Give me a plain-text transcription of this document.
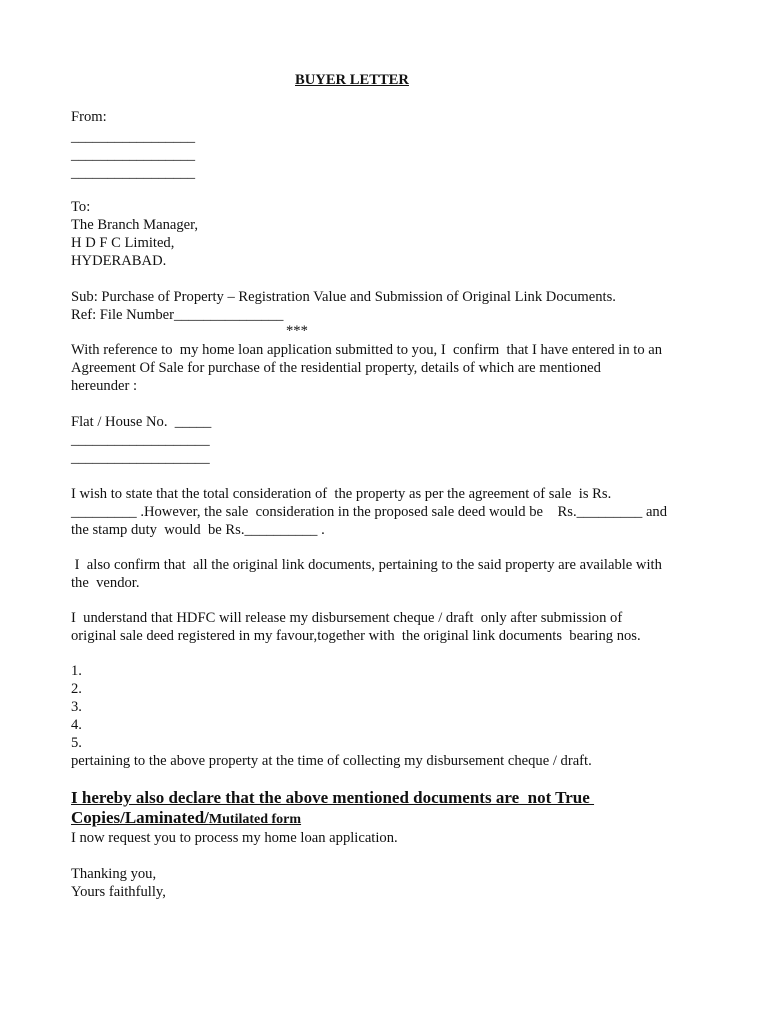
BUYER LETTER
From:
_________________
_________________
_________________
To:
The Branch Manager,
H D F C Limited,
HYDERABAD.
Sub: Purchase of Property – Registration Value and Submission of Original Link Documents.
Ref: File Number_______________
***
With reference to  my home loan application submitted to you, I  confirm  that I have entered in to an
Agreement Of Sale for purchase of the residential property, details of which are mentioned
hereunder :
Flat / House No.  _____
___________________
___________________
I wish to state that the total consideration of  the property as per the agreement of sale  is Rs.
_________ .However, the sale  consideration in the proposed sale deed would be    Rs._________ and
the stamp duty  would  be Rs.__________ .
I  also confirm that  all the original link documents, pertaining to the said property are available with
the  vendor.
I  understand that HDFC will release my disbursement cheque / draft  only after submission of
original sale deed registered in my favour,together with  the original link documents  bearing nos.
1.
2.
3.
4.
5.
pertaining to the above property at the time of collecting my disbursement cheque / draft.
I hereby also declare that the above mentioned documents are  not True
Copies/Laminated/Mutilated form
I now request you to process my home loan application.
Thanking you,
Yours faithfully,
